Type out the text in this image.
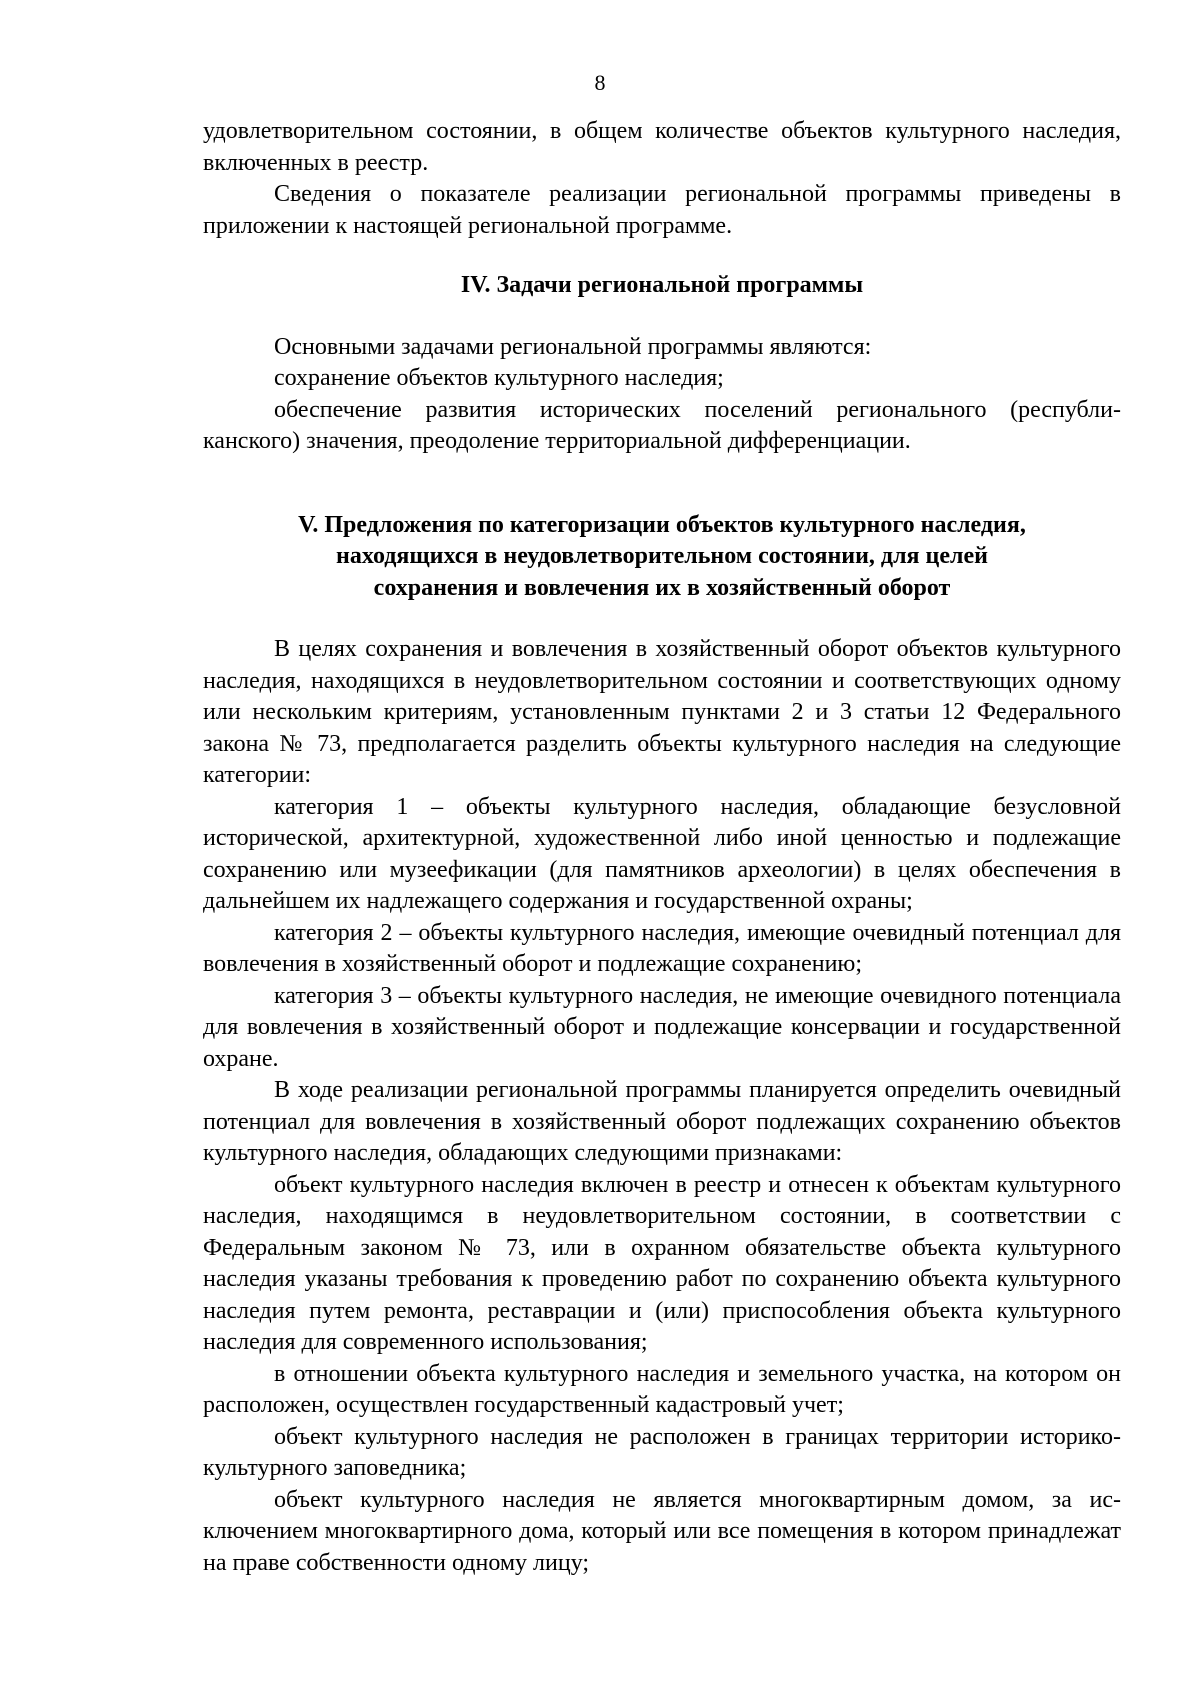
8

удовлетворительном состоянии, в общем количестве объектов культурного наследия, включенных в реестр.

Сведения о показателе реализации региональной программы приведены в приложении к настоящей региональной программе.

IV. Задачи региональной программы

Основными задачами региональной программы являются:

сохранение объектов культурного наследия;

обеспечение развития исторических поселений регионального (республиканского) значения, преодоление территориальной дифференциации.

V. Предложения по категоризации объектов культурного наследия,
находящихся в неудовлетворительном состоянии, для целей
сохранения и вовлечения их в хозяйственный оборот

В целях сохранения и вовлечения в хозяйственный оборот объектов культурного наследия, находящихся в неудовлетворительном состоянии и соответствующих одному или нескольким критериям, установленным пунктами 2 и 3 статьи 12 Федерального закона № 73, предполагается разделить объекты культурного наследия на следующие категории:

категория 1 – объекты культурного наследия, обладающие безусловной исторической, архитектурной, художественной либо иной ценностью и подлежащие сохранению или музеефикации (для памятников археологии) в целях обеспечения в дальнейшем их надлежащего содержания и государственной охраны;

категория 2 – объекты культурного наследия, имеющие очевидный потенциал для вовлечения в хозяйственный оборот и подлежащие сохранению;

категория 3 – объекты культурного наследия, не имеющие очевидного потенциала для вовлечения в хозяйственный оборот и подлежащие консервации и государственной охране.

В ходе реализации региональной программы планируется определить очевидный потенциал для вовлечения в хозяйственный оборот подлежащих сохранению объектов культурного наследия, обладающих следующими признаками:

объект культурного наследия включен в реестр и отнесен к объектам культурного наследия, находящимся в неудовлетворительном состоянии, в соответствии с Федеральным законом № 73, или в охранном обязательстве объекта культурного наследия указаны требования к проведению работ по сохранению объекта культурного наследия путем ремонта, реставрации и (или) приспособления объекта культурного наследия для современного использования;

в отношении объекта культурного наследия и земельного участка, на котором он расположен, осуществлен государственный кадастровый учет;

объект культурного наследия не расположен в границах территории историко-культурного заповедника;

объект культурного наследия не является многоквартирным домом, за исключением многоквартирного дома, который или все помещения в котором принадлежат на праве собственности одному лицу;
